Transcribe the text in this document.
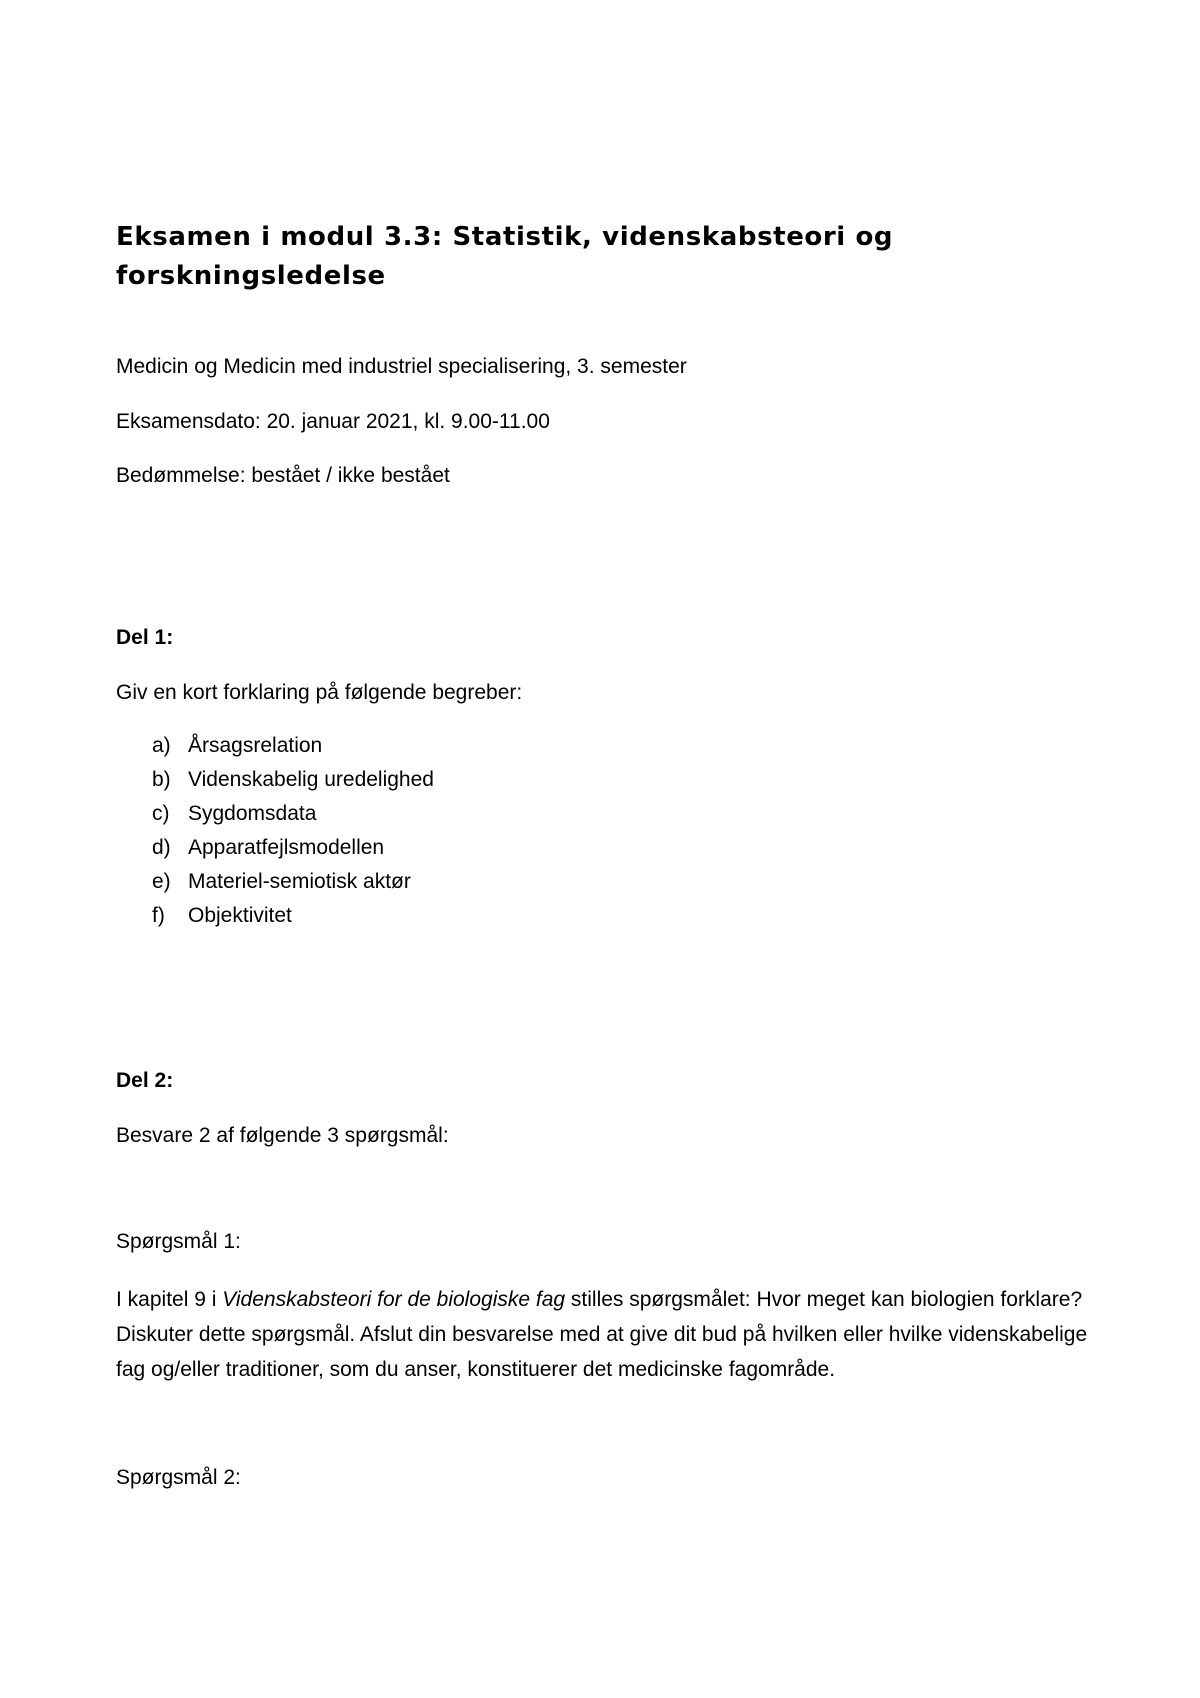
Eksamen i modul 3.3: Statistik, videnskabsteori og forskningsledelse
Medicin og Medicin med industriel specialisering, 3. semester
Eksamensdato: 20. januar 2021, kl. 9.00-11.00
Bedømmelse: bestået / ikke bestået
Del 1:
Giv en kort forklaring på følgende begreber:
a) Årsagsrelation
b) Videnskabelig uredelighed
c) Sygdomsdata
d) Apparatfejlsmodellen
e) Materiel-semiotisk aktør
f)	Objektivitet
Del 2:
Besvare 2 af følgende 3 spørgsmål:
Spørgsmål 1:
I kapitel 9 i Videnskabsteori for de biologiske fag stilles spørgsmålet: Hvor meget kan biologien forklare? Diskuter dette spørgsmål. Afslut din besvarelse med at give dit bud på hvilken eller hvilke videnskabelige fag og/eller traditioner, som du anser, konstituerer det medicinske fagområde.
Spørgsmål 2:
